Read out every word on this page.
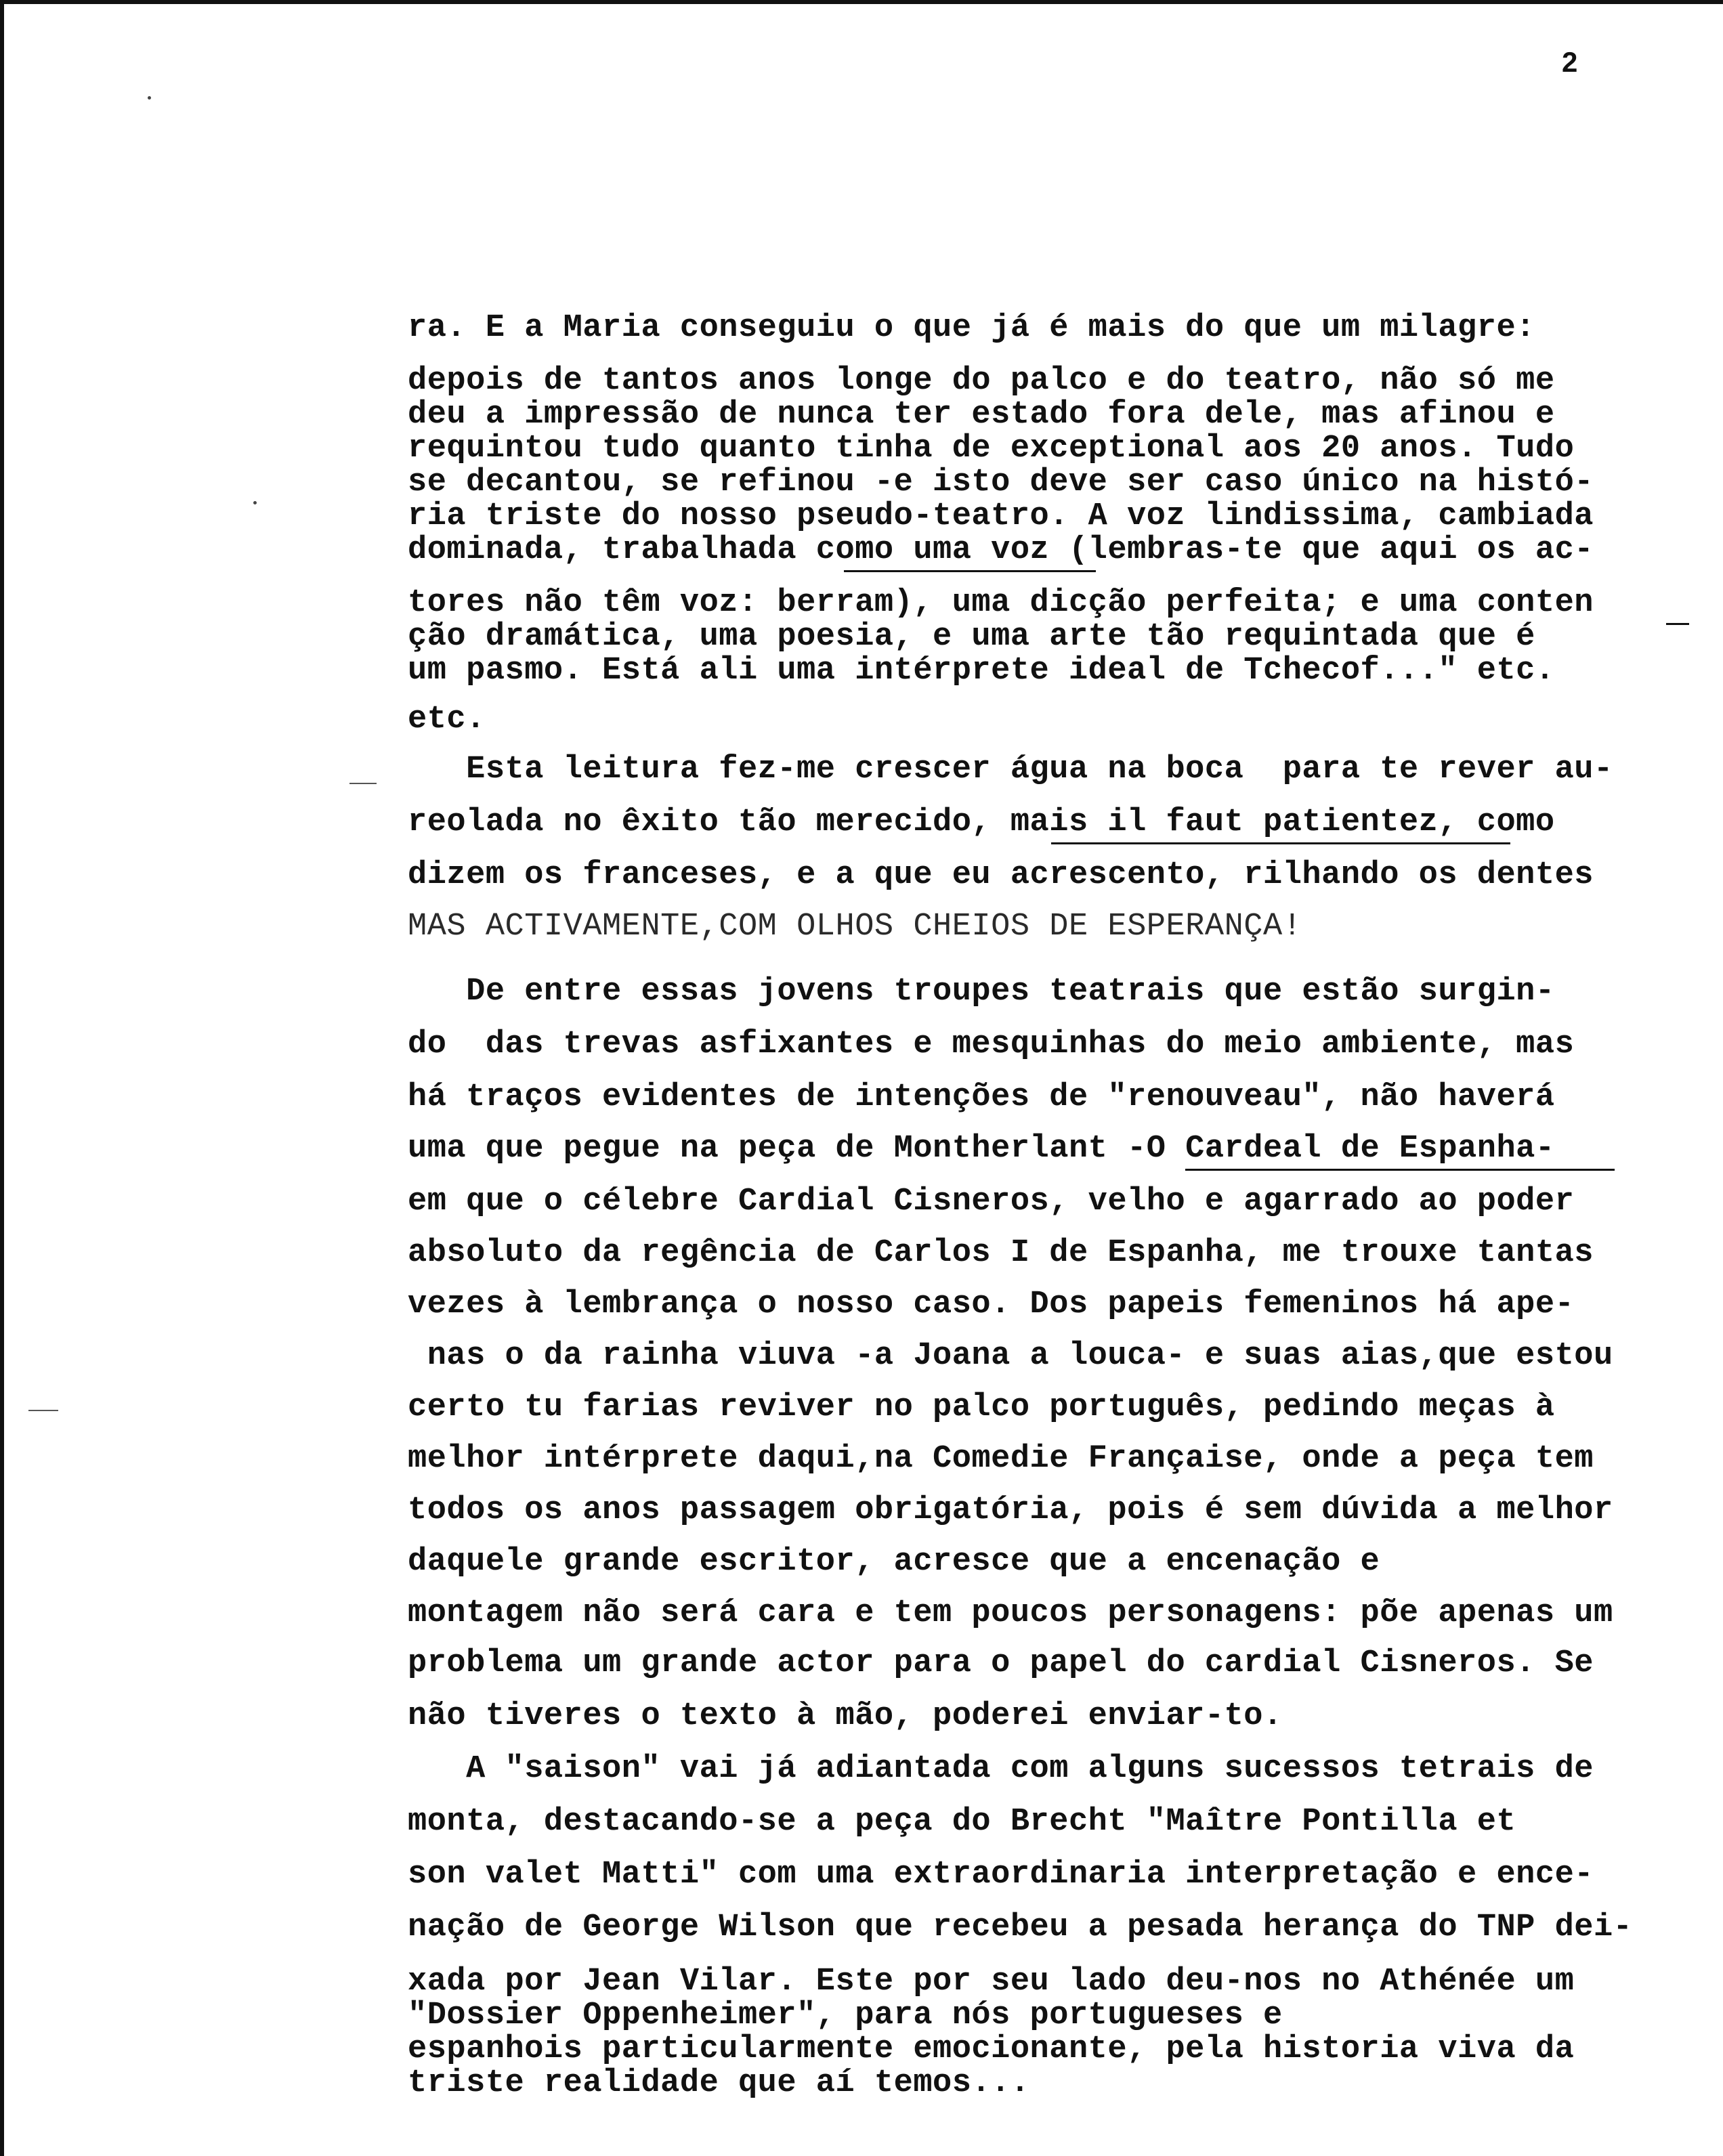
2

ra. E a Maria conseguiu o que já é mais do que um milagre:

depois de tantos anos longe do palco e do teatro, não só me

deu a impressão de nunca ter estado fora dele, mas afinou e

requintou tudo quanto tinha de exceptional aos 20 anos. Tudo

se decantou, se refinou -e isto deve ser caso único na histó-

ria triste do nosso pseudo-teatro. A voz lindissima, cambiada

dominada, trabalhada como uma voz (lembras-te que aqui os ac-

tores não têm voz: berram), uma dicção perfeita; e uma conten

ção dramática, uma poesia, e uma arte tão requintada que é

um pasmo. Está ali uma intérprete ideal de Tchecof..." etc.

etc.

Esta leitura fez-me crescer água na boca  para te rever au-

reolada no êxito tão merecido, mais il faut patientez, como

dizem os franceses, e a que eu acrescento, rilhando os dentes

MAS ACTIVAMENTE,COM OLHOS CHEIOS DE ESPERANÇA!

De entre essas jovens troupes teatrais que estão surgin-

do  das trevas asfixantes e mesquinhas do meio ambiente, mas

há traços evidentes de intenções de "renouveau", não haverá

uma que pegue na peça de Montherlant -O Cardeal de Espanha-

em que o célebre Cardial Cisneros, velho e agarrado ao poder

absoluto da regência de Carlos I de Espanha, me trouxe tantas

vezes à lembrança o nosso caso. Dos papeis femeninos há ape-

nas o da rainha viuva -a Joana a louca- e suas aias,que estou

certo tu farias reviver no palco português, pedindo meças à

melhor intérprete daqui,na Comedie Française, onde a peça tem

todos os anos passagem obrigatória, pois é sem dúvida a melhor

daquele grande escritor, acresce que a encenação e

montagem não será cara e tem poucos personagens: põe apenas um

problema um grande actor para o papel do cardial Cisneros. Se

não tiveres o texto à mão, poderei enviar-to.

A "saison" vai já adiantada com alguns sucessos tetrais de

monta, destacando-se a peça do Brecht "Maître Pontilla et

son valet Matti" com uma extraordinaria interpretação e ence-

nação de George Wilson que recebeu a pesada herança do TNP dei-

xada por Jean Vilar. Este por seu lado deu-nos no Athénée um

"Dossier Oppenheimer", para nós portugueses e

espanhois particularmente emocionante, pela historia viva da

triste realidade que aí temos...
